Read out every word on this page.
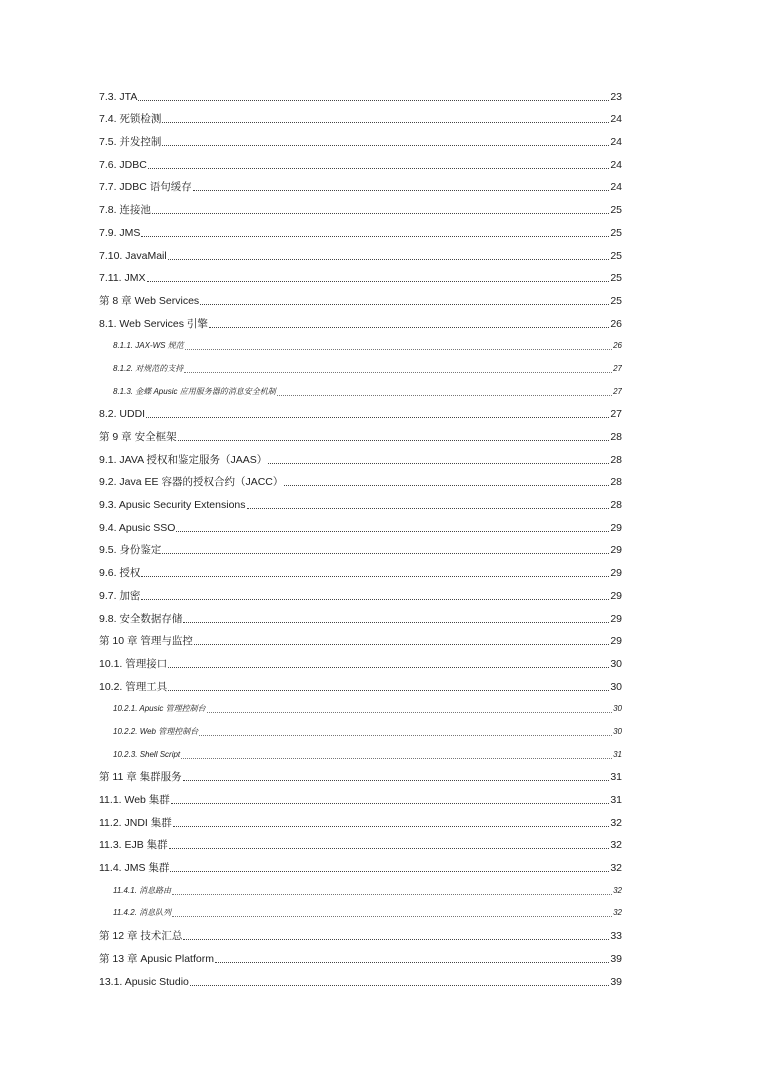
7.3. JTA	23
7.4. 死锁检测	24
7.5. 并发控制	24
7.6. JDBC	24
7.7. JDBC 语句缓存	24
7.8. 连接池	25
7.9. JMS	25
7.10. JavaMail	25
7.11. JMX	25
第 8 章 Web Services	25
8.1. Web Services 引擎	26
8.1.1. JAX-WS 规范	26
8.1.2. 对规范的支持	27
8.1.3. 金蝶 Apusic 应用服务器的消息安全机制	27
8.2. UDDI	27
第 9 章 安全框架	28
9.1. JAVA 授权和鉴定服务（JAAS）	28
9.2. Java EE 容器的授权合约（JACC）	28
9.3. Apusic Security Extensions	28
9.4. Apusic SSO	29
9.5. 身份鉴定	29
9.6. 授权	29
9.7. 加密	29
9.8. 安全数据存储	29
第 10 章 管理与监控	29
10.1. 管理接口	30
10.2. 管理工具	30
10.2.1. Apusic 管理控制台	30
10.2.2. Web 管理控制台	30
10.2.3. Shell Script	31
第 11 章 集群服务	31
11.1. Web 集群	31
11.2. JNDI 集群	32
11.3. EJB 集群	32
11.4. JMS 集群	32
11.4.1. 消息路由	32
11.4.2. 消息队列	32
第 12 章 技术汇总	33
第 13 章 Apusic Platform	39
13.1. Apusic Studio	39
